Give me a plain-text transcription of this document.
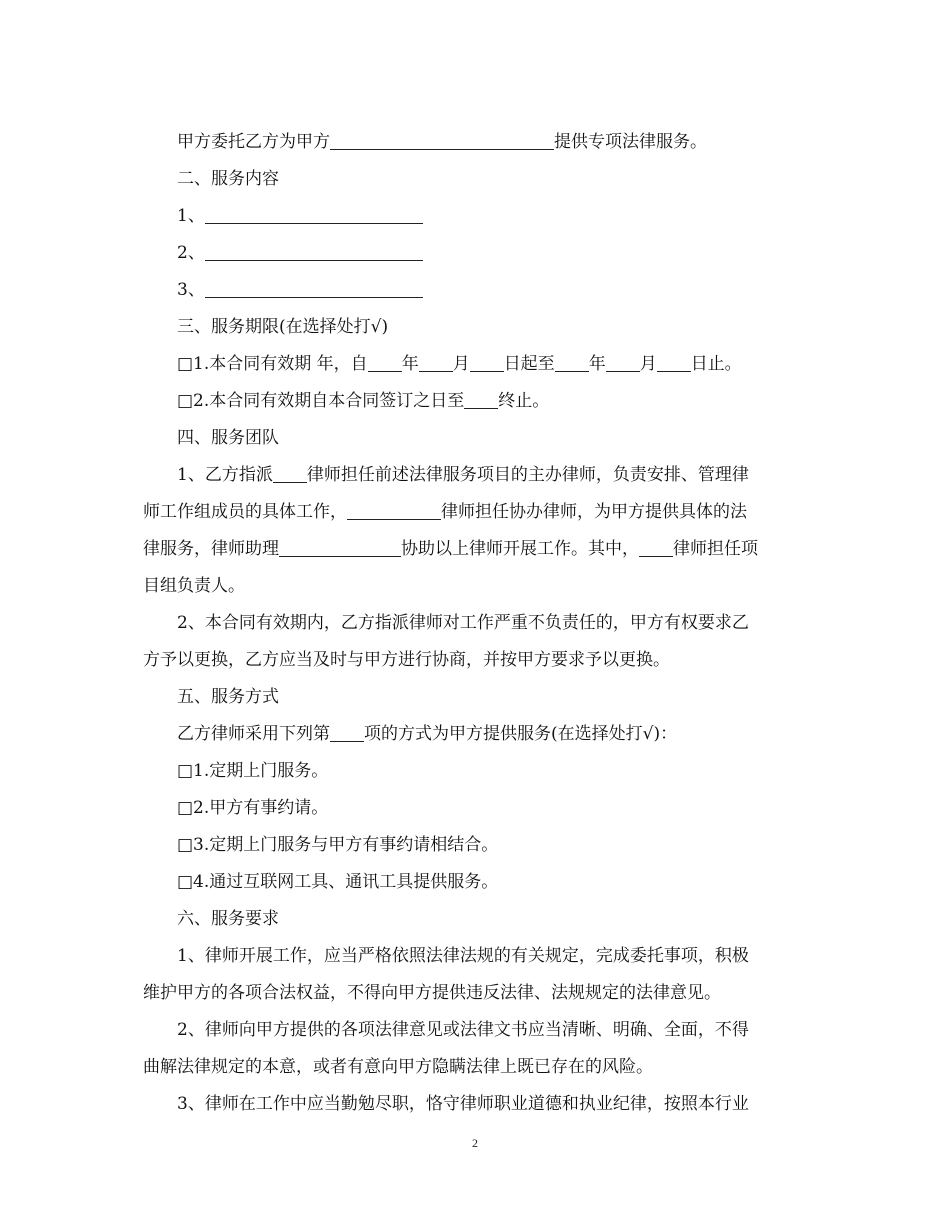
甲方委托乙方为甲方	提供专项法律服务。

二、服务内容

1、

2、

3、

三、服务期限(在选择处打√)

□1.本合同有效期 年，自 年 月 日起至 年 月 日止。

□2.本合同有效期自本合同签订之日至 终止。

四、服务团队

1、乙方指派 律师担任前述法律服务项目的主办律师，负责安排、管理律

师工作组成员的具体工作，	律师担任协办律师，为甲方提供具体的法

律服务，律师助理	协助以上律师开展工作。其中， 律师担任项

目组负责人。

2、本合同有效期内，乙方指派律师对工作严重不负责任的，甲方有权要求乙

方予以更换，乙方应当及时与甲方进行协商，并按甲方要求予以更换。

五、服务方式

乙方律师采用下列第 项的方式为甲方提供服务(在选择处打√)：

□1.定期上门服务。

□2.甲方有事约请。

□3.定期上门服务与甲方有事约请相结合。

□4.通过互联网工具、通讯工具提供服务。

六、服务要求

1、律师开展工作，应当严格依照法律法规的有关规定，完成委托事项，积极

维护甲方的各项合法权益，不得向甲方提供违反法律、法规规定的法律意见。

2、律师向甲方提供的各项法律意见或法律文书应当清晰、明确、全面，不得

曲解法律规定的本意，或者有意向甲方隐瞒法律上既已存在的风险。

3、律师在工作中应当勤勉尽职，恪守律师职业道德和执业纪律，按照本行业

2
